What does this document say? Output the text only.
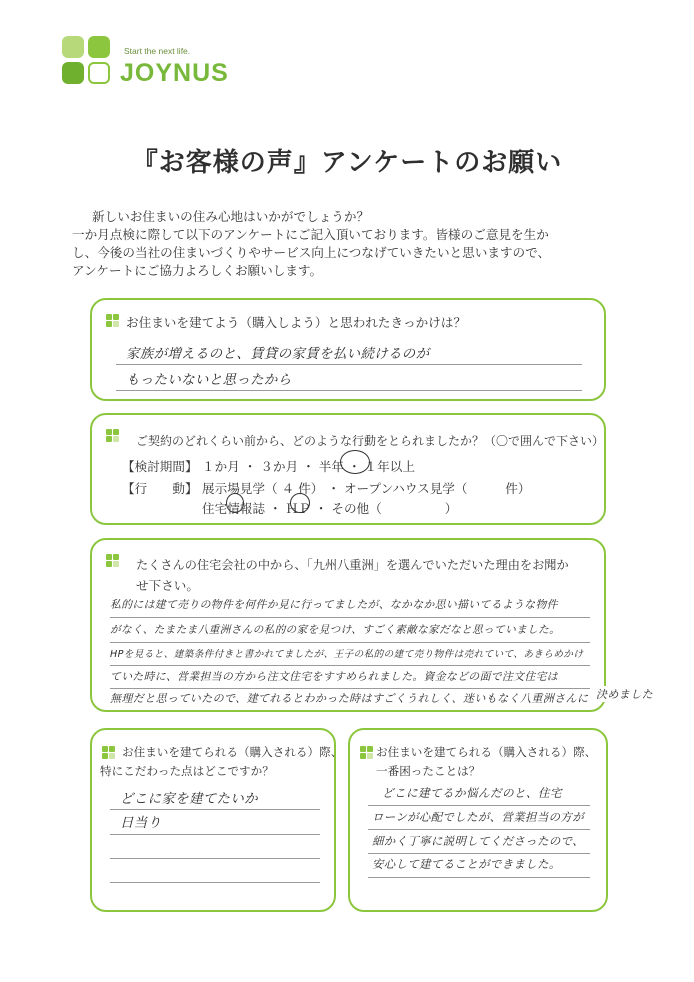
Start the next life.
JOYNUS
『お客様の声』アンケートのお願い
新しいお住まいの住み心地はいかがでしょうか？
一か月点検に際して以下のアンケートにご記入頂いております。皆様のご意見を生か
し、今後の当社の住まいづくりやサービス向上につなげていきたいと思いますので、
アンケートにご協力よろしくお願いします。
お住まいを建てよう（購入しよう）と思われたきっかけは？
家族が増えるのと、賃貸の家賃を払い続けるのが
もったいないと思ったから
ご契約のどれくらい前から、どのような行動をとられましたか？（〇で囲んで下さい）
【検討期間】 １か月 ・ ３か月 ・ 半年 ・ １年以上
【行　　動】 展示場見学（ ４ 件） ・ オープンハウス見学（　　　件）
住宅情報誌 ・ ＨＰ ・ その他（　　　　　）
たくさんの住宅会社の中から、「九州八重洲」を選んでいただいた理由をお聞か
せ下さい。
私的には建て売りの物件を何件か見に行ってましたが、なかなか思い描いてるような物件
がなく、たまたま八重洲さんの私的の家を見つけ、すごく素敵な家だなと思っていました。
HPを見ると、建築条件付きと書かれてましたが、王子の私的の建て売り物件は売れていて、あきらめかけ
ていた時に、営業担当の方から注文住宅をすすめられました。資金などの面で注文住宅は
無理だと思っていたので、建てれるとわかった時はすごくうれしく、迷いもなく八重洲さんに 決めました
お住まいを建てられる（購入される）際、
特にこだわった点はどこですか？
どこに家を建てたいか
日当り
お住まいを建てられる（購入される）際、
一番困ったことは？
どこに建てるか悩んだのと、住宅
ローンが心配でしたが、営業担当の方が
細かく丁寧に説明してくださったので、
安心して建てることができました。
